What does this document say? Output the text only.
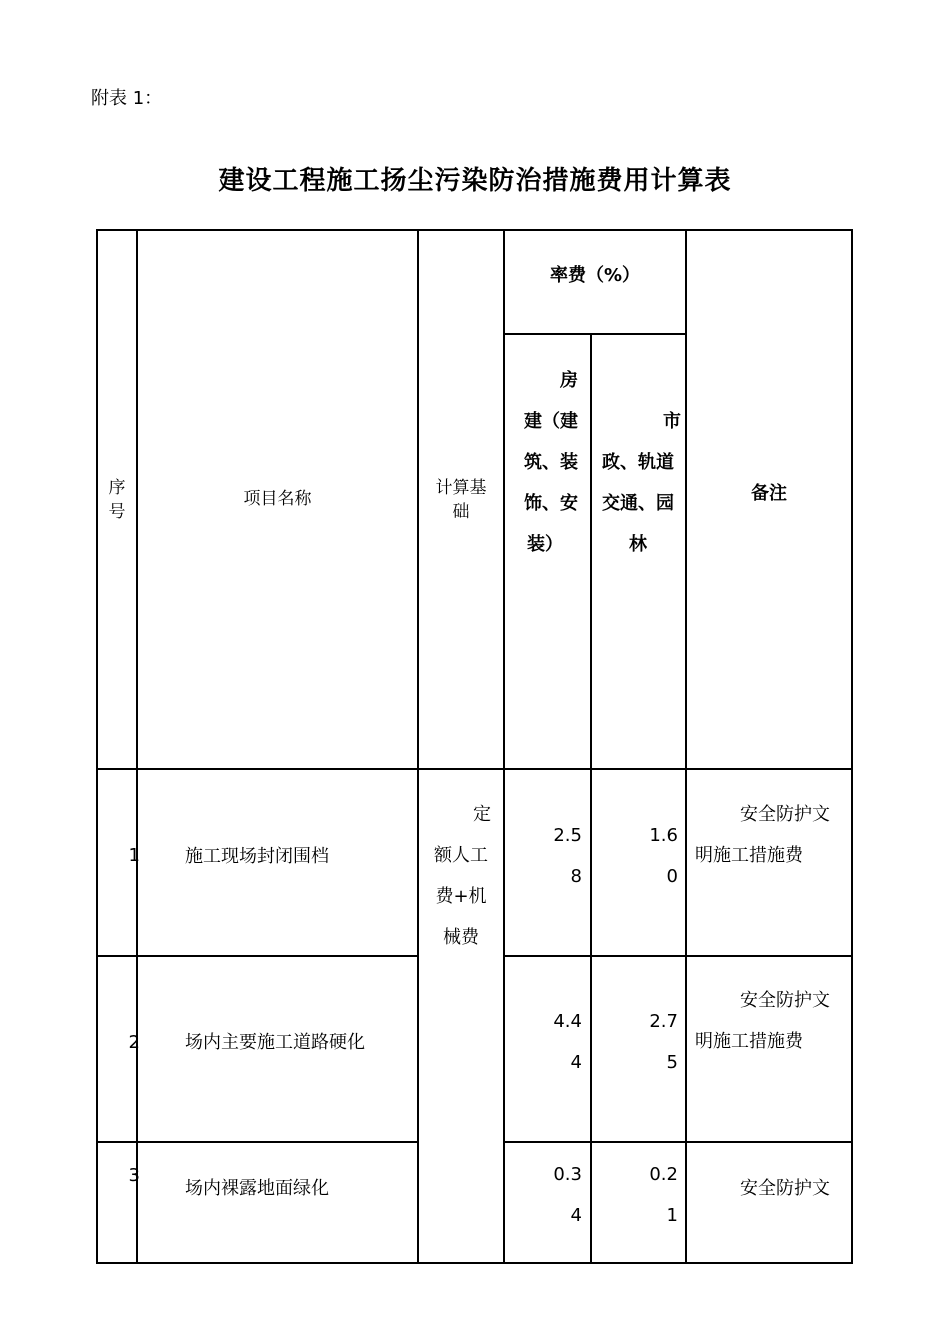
附表 1：
建设工程施工扬尘污染防治措施费用计算表
序
号
项目名称
计算基
础
率费（%）
房
建（建
筑、装
饰、安
装）
市
政、轨道
交通、园
林
备注
定
额人工
费+机
械费
1	施工现场封闭围档
2.5
8
1.6
0
安全防护文
明施工措施费
2	场内主要施工道路硬化
4.4
4
2.7
5
安全防护文
明施工措施费
3
场内裸露地面绿化
0.3
4
0.2
1
安全防护文
